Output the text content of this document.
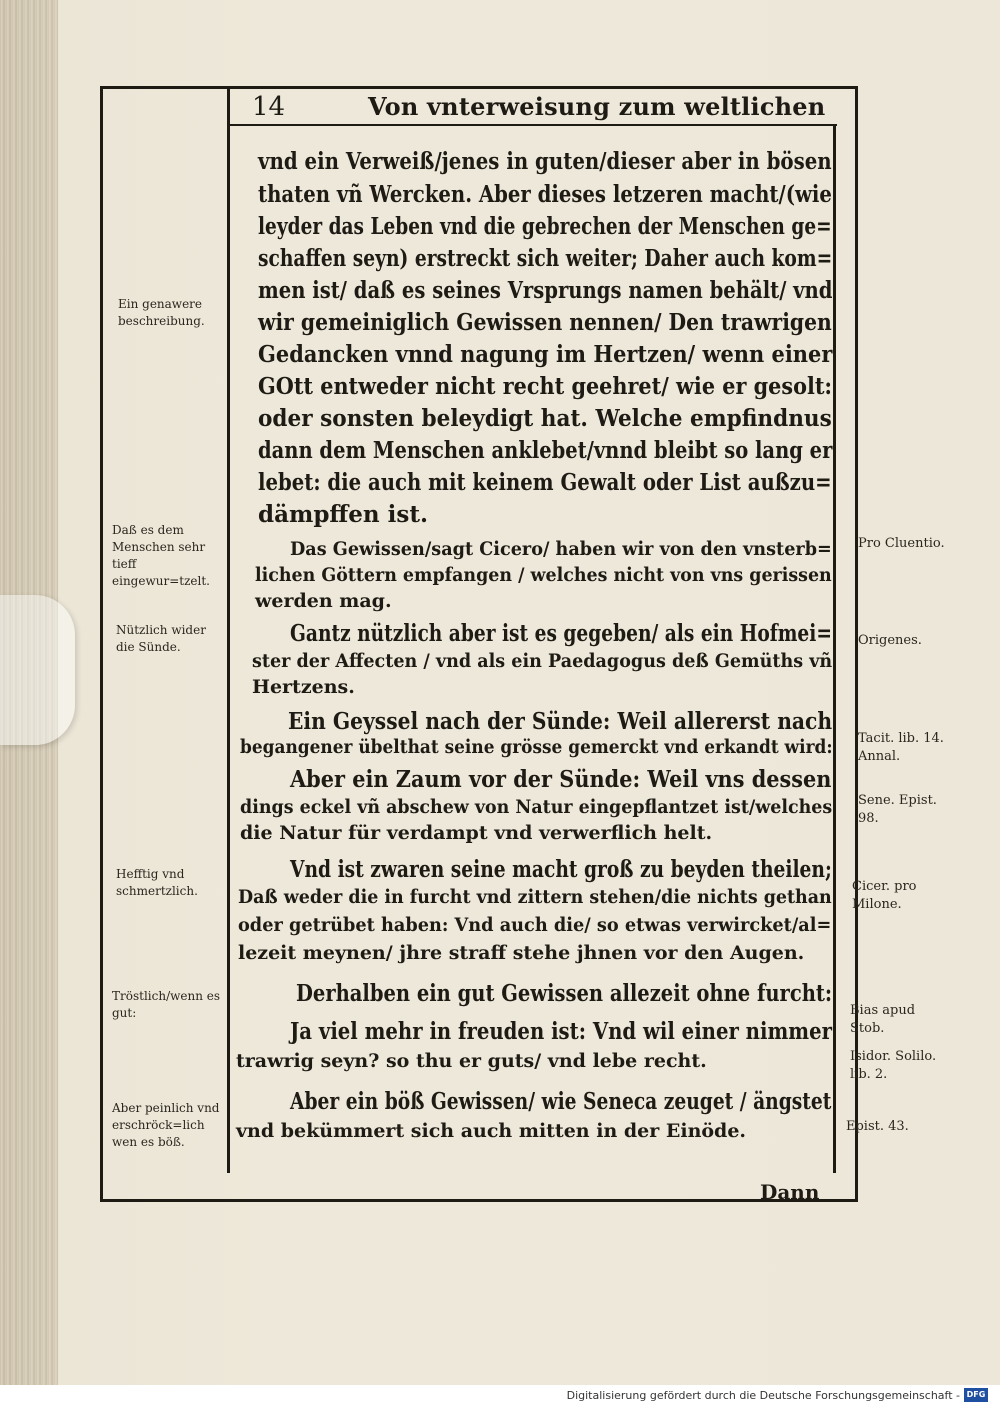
14	Von vnterweisung zum weltlichen
vnd ein Verweiß/jenes in guten/dieser aber in bösen
thaten vñ Wercken. Aber dieses letzeren macht/(wie
leyder das Leben vnd die gebrechen der Menschen ge=
schaffen seyn) erstreckt sich weiter; Daher auch kom=
men ist/ daß es seines Vrsprungs namen behält/ vnd
wir gemeiniglich Gewissen nennen/ Den trawrigen
Gedancken vnnd nagung im Hertzen/ wenn einer
GOtt entweder nicht recht geehret/ wie er gesolt:
oder sonsten beleydigt hat. Welche empfindnus
dann dem Menschen anklebet/vnnd bleibt so lang er
lebet: die auch mit keinem Gewalt oder List außzu=
dämpffen ist.
Das Gewissen/sagt Cicero/ haben wir von den vnsterb=
lichen Göttern empfangen / welches nicht von vns gerissen
werden mag.
Gantz nützlich aber ist es gegeben/ als ein Hofmei=
ster der Affecten / vnd als ein Paedagogus deß Gemüths vñ
Hertzens.
Ein Geyssel nach der Sünde: Weil allererst nach
begangener übelthat seine grösse gemerckt vnd erkandt wird:
Aber ein Zaum vor der Sünde: Weil vns dessen
dings eckel vñ abschew von Natur eingepflantzet ist/welches
die Natur für verdampt vnd verwerflich helt.
Vnd ist zwaren seine macht groß zu beyden theilen;
Daß weder die in furcht vnd zittern stehen/die nichts gethan
oder getrübet haben: Vnd auch die/ so etwas verwircket/al=
lezeit meynen/ jhre straff stehe jhnen vor den Augen.
Derhalben ein gut Gewissen allezeit ohne furcht:
Ja viel mehr in freuden ist: Vnd wil einer nimmer
trawrig seyn? so thu er guts/ vnd lebe recht.
Aber ein böß Gewissen/ wie Seneca zeuget / ängstet
vnd bekümmert sich auch mitten in der Einöde.
Ein genawere beschreibung.
Daß es dem Menschen sehr tieff eingewur=tzelt.
Nützlich wider die Sünde.
Hefftig vnd schmertzlich.
Tröstlich/wenn es gut:
Aber peinlich vnd erschröck=lich wen es böß.
Pro Cluentio.
Origenes.
Tacit. lib. 14. Annal.
Sene. Epist. 98.
Cicer. pro Milone.
Bias apud Stob.
Isidor. Solilo. lib. 2.
Epist. 43.
Dann
Digitalisierung gefördert durch die Deutsche Forschungsgemeinschaft - DFG
